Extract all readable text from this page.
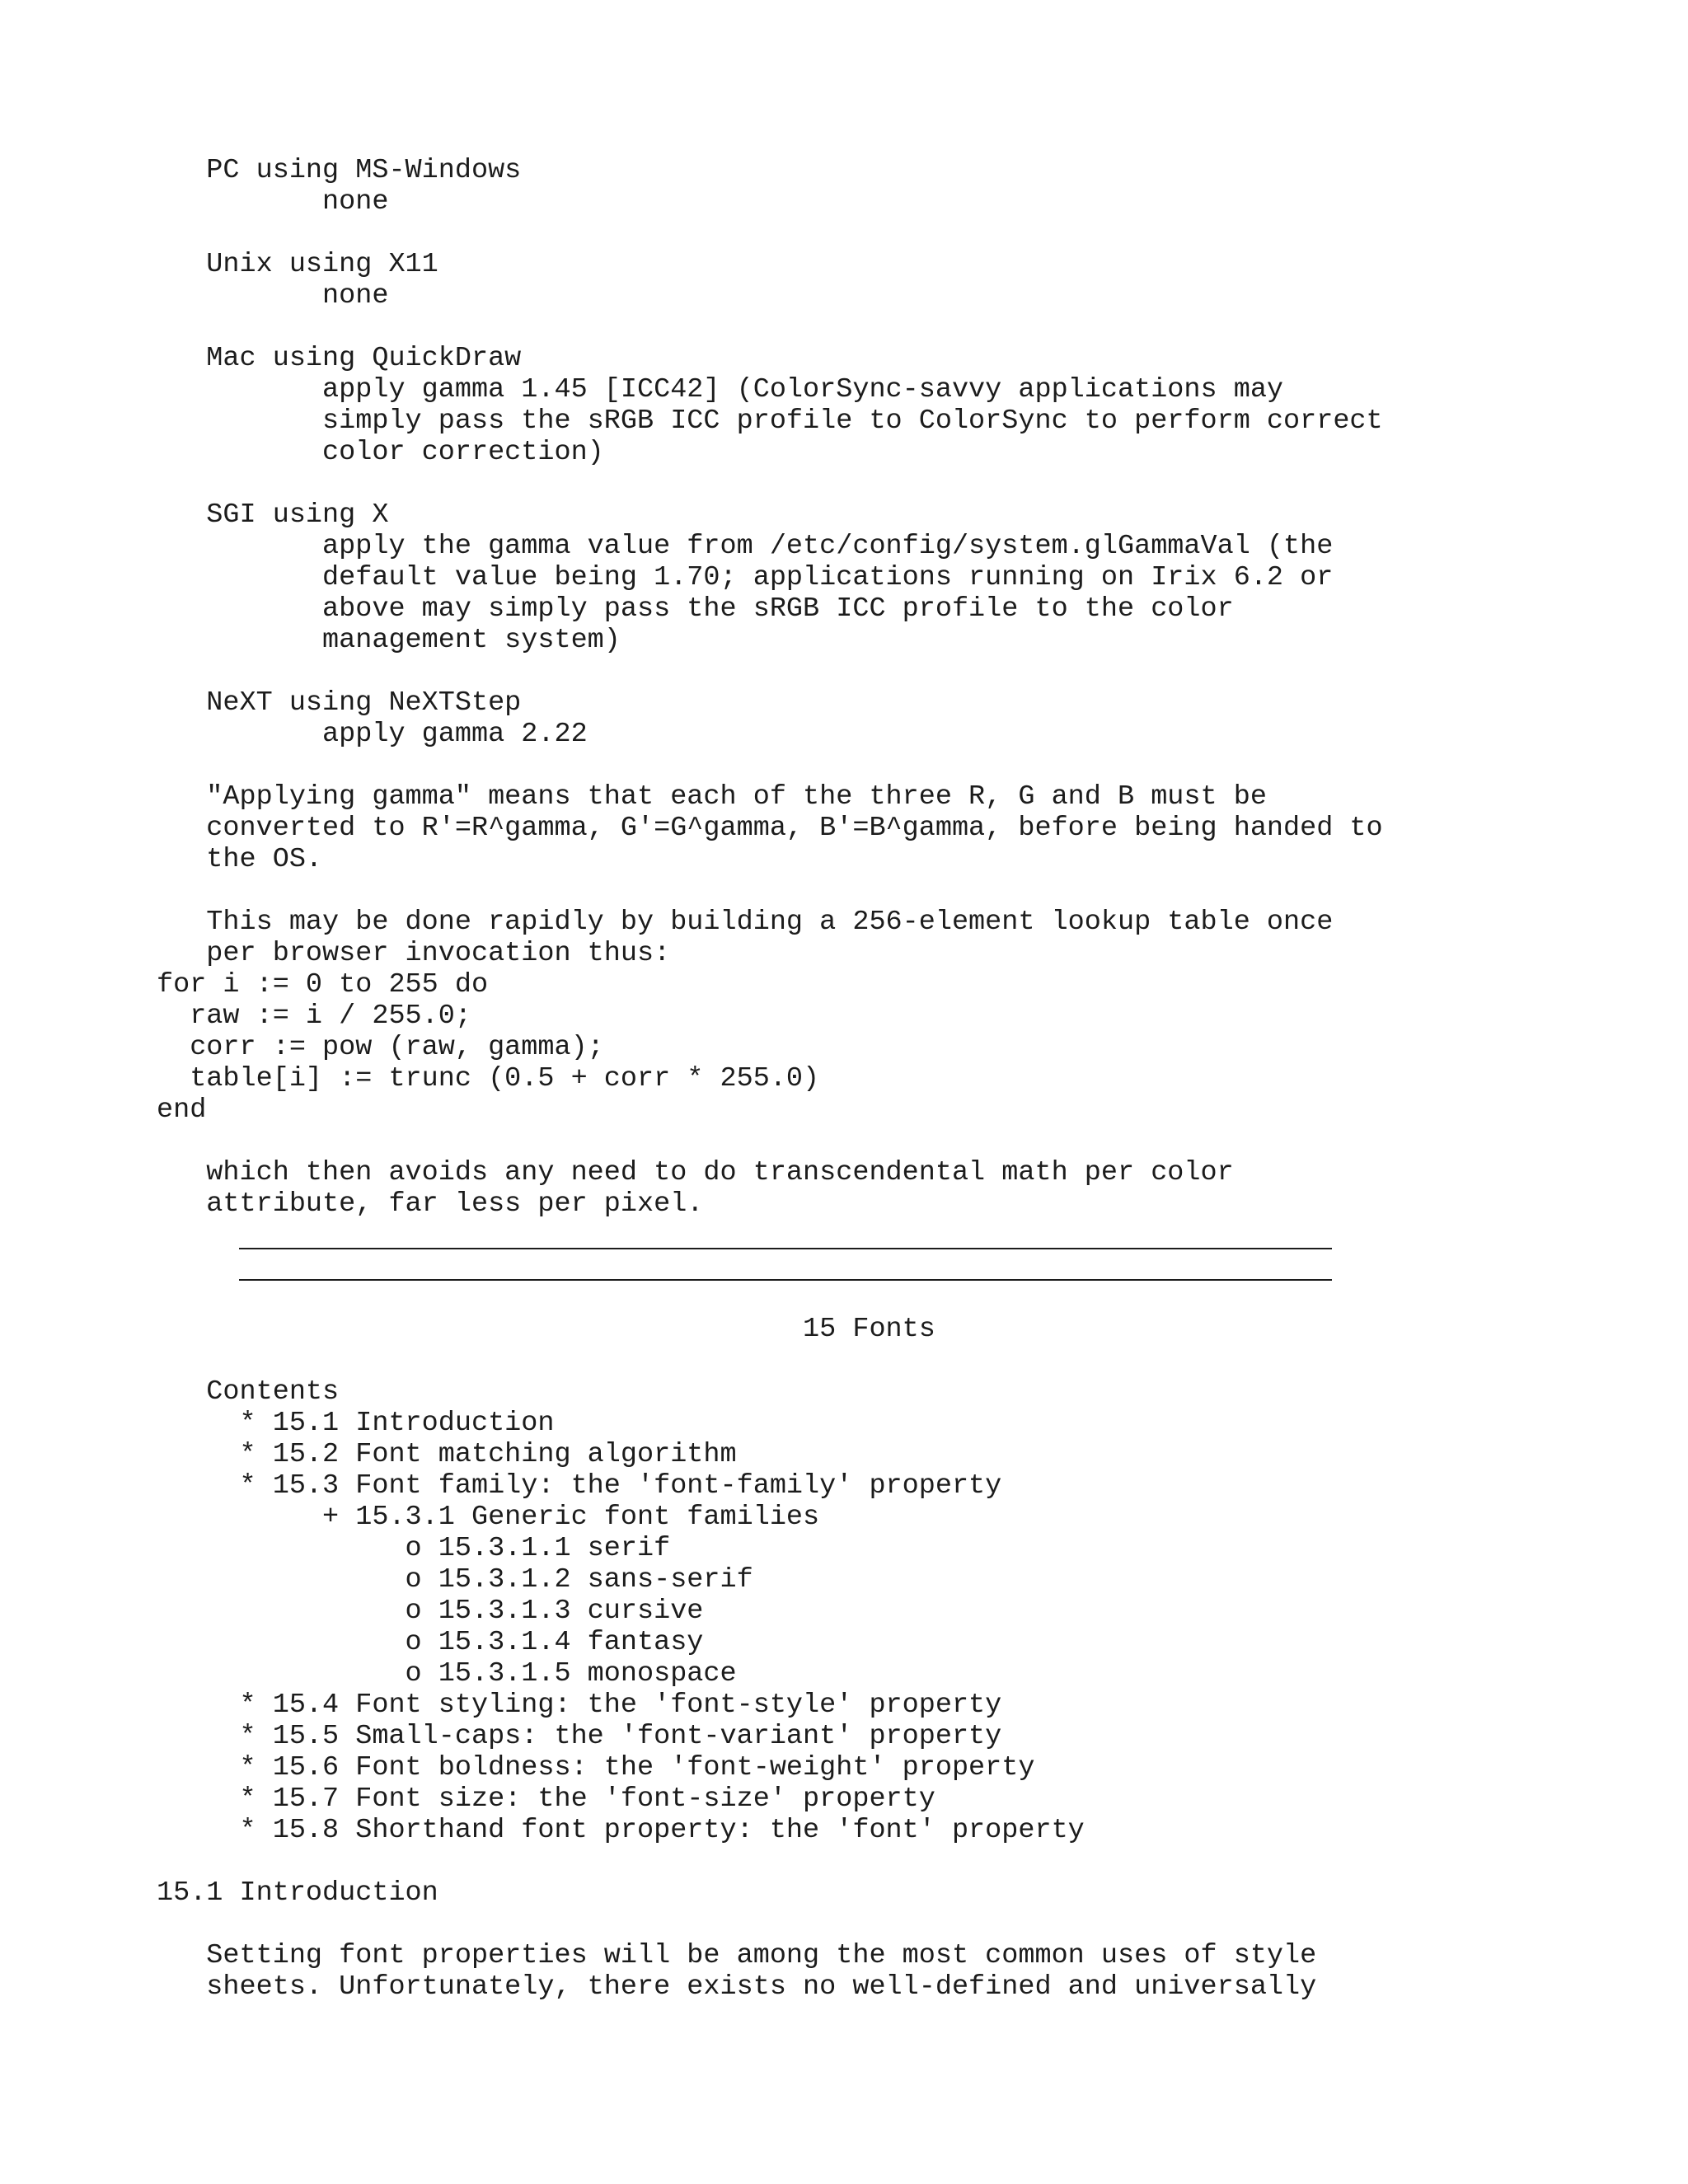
PC using MS-Windows
none

Unix using X11
none

Mac using QuickDraw
apply gamma 1.45 [ICC42] (ColorSync-savvy applications may
simply pass the sRGB ICC profile to ColorSync to perform correct
color correction)

SGI using X
apply the gamma value from /etc/config/system.glGammaVal (the
default value being 1.70; applications running on Irix 6.2 or
above may simply pass the sRGB ICC profile to the color
management system)

NeXT using NeXTStep
apply gamma 2.22

"Applying gamma" means that each of the three R, G and B must be
converted to R'=R^gamma, G'=G^gamma, B'=B^gamma, before being handed to
the OS.

This may be done rapidly by building a 256-element lookup table once
per browser invocation thus:
for i := 0 to 255 do
raw := i / 255.0;
corr := pow (raw, gamma);
table[i] := trunc (0.5 + corr * 255.0)
end

which then avoids any need to do transcendental math per color
attribute, far less per pixel.

15 Fonts

Contents
* 15.1 Introduction
* 15.2 Font matching algorithm
* 15.3 Font family: the 'font-family' property
+ 15.3.1 Generic font families
o 15.3.1.1 serif
o 15.3.1.2 sans-serif
o 15.3.1.3 cursive
o 15.3.1.4 fantasy
o 15.3.1.5 monospace
* 15.4 Font styling: the 'font-style' property
* 15.5 Small-caps: the 'font-variant' property
* 15.6 Font boldness: the 'font-weight' property
* 15.7 Font size: the 'font-size' property
* 15.8 Shorthand font property: the 'font' property

15.1 Introduction

Setting font properties will be among the most common uses of style
sheets. Unfortunately, there exists no well-defined and universally
